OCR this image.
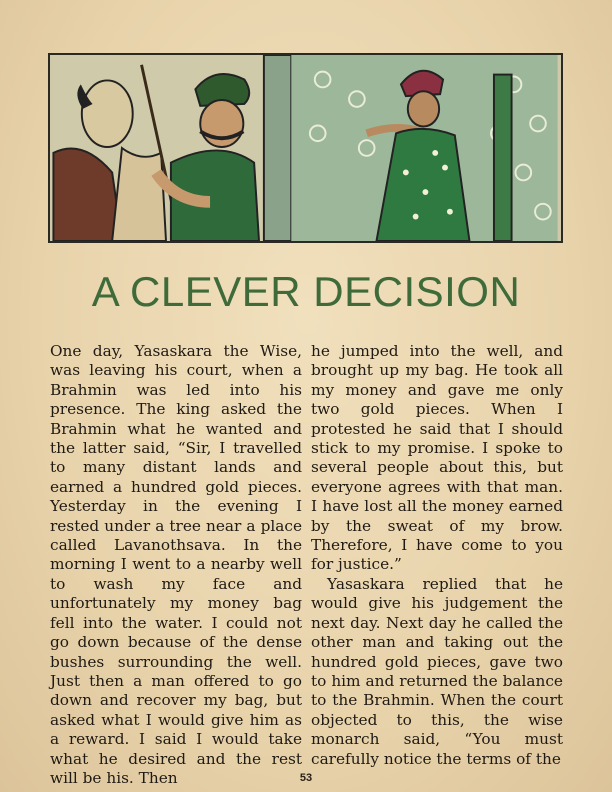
A CLEVER DECISION

One day, Yasaskara the Wise, was leaving his court, when a Brahmin was led into his presence. The king asked the Brahmin what he wanted and the latter said, “Sir, I travelled to many distant lands and earned a hundred gold pieces. Yesterday in the evening I rested under a tree near a place called Lavanothsava. In the morning I went to a nearby well to wash my face and unfortunately my money bag fell into the water. I could not go down because of the dense bushes surrounding the well. Just then a man offered to go down and recover my bag, but asked what I would give him as a reward. I said I would take what he desired and the rest will be his. Then

he jumped into the well, and brought up my bag. He took all my money and gave me only two gold pieces. When I protested he said that I should stick to my promise. I spoke to several people about this, but everyone agrees with that man. I have lost all the money earned by the sweat of my brow. Therefore, I have come to you for justice.”

Yasaskara replied that he would give his judgement the next day. Next day he called the other man and taking out the hundred gold pieces, gave two to him and returned the balance to the Brahmin. When the court objected to this, the wise monarch said, “You must carefully notice the terms of the

53
